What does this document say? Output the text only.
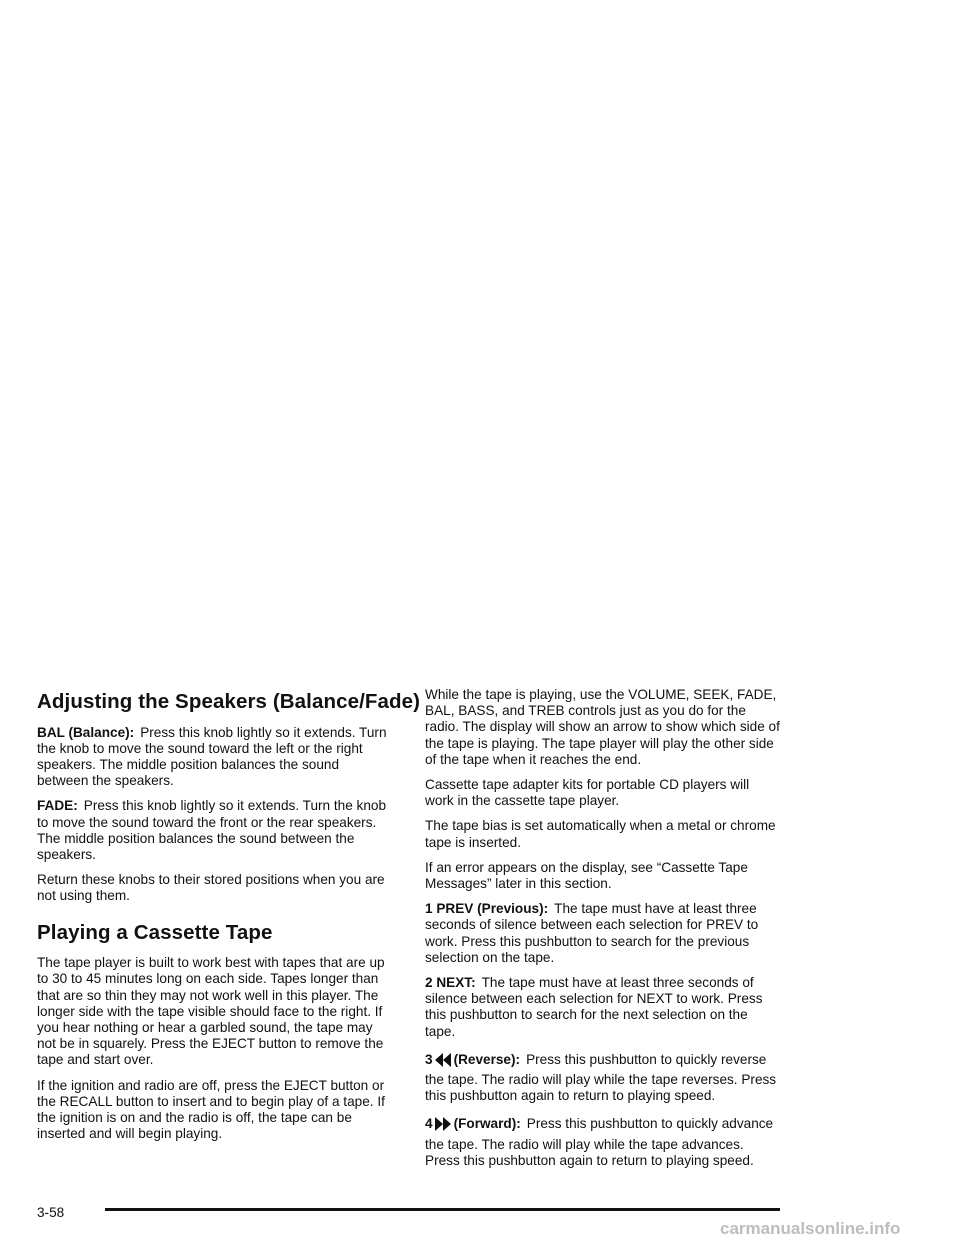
Adjusting the Speakers (Balance/Fade)

BAL (Balance): Press this knob lightly so it extends. Turn the knob to move the sound toward the left or the right speakers. The middle position balances the sound between the speakers.

FADE: Press this knob lightly so it extends. Turn the knob to move the sound toward the front or the rear speakers. The middle position balances the sound between the speakers.

Return these knobs to their stored positions when you are not using them.

Playing a Cassette Tape

The tape player is built to work best with tapes that are up to 30 to 45 minutes long on each side. Tapes longer than that are so thin they may not work well in this player. The longer side with the tape visible should face to the right. If you hear nothing or hear a garbled sound, the tape may not be in squarely. Press the EJECT button to remove the tape and start over.

If the ignition and radio are off, press the EJECT button or the RECALL button to insert and to begin play of a tape. If the ignition is on and the radio is off, the tape can be inserted and will begin playing.

While the tape is playing, use the VOLUME, SEEK, FADE, BAL, BASS, and TREB controls just as you do for the radio. The display will show an arrow to show which side of the tape is playing. The tape player will play the other side of the tape when it reaches the end.

Cassette tape adapter kits for portable CD players will work in the cassette tape player.

The tape bias is set automatically when a metal or chrome tape is inserted.

If an error appears on the display, see “Cassette Tape Messages” later in this section.

1 PREV (Previous): The tape must have at least three seconds of silence between each selection for PREV to work. Press this pushbutton to search for the previous selection on the tape.

2 NEXT: The tape must have at least three seconds of silence between each selection for NEXT to work. Press this pushbutton to search for the next selection on the tape.

3 (Reverse): Press this pushbutton to quickly reverse the tape. The radio will play while the tape reverses. Press this pushbutton again to return to playing speed.

4 (Forward): Press this pushbutton to quickly advance the tape. The radio will play while the tape advances. Press this pushbutton again to return to playing speed.

3-58
carmanualsonline.info
